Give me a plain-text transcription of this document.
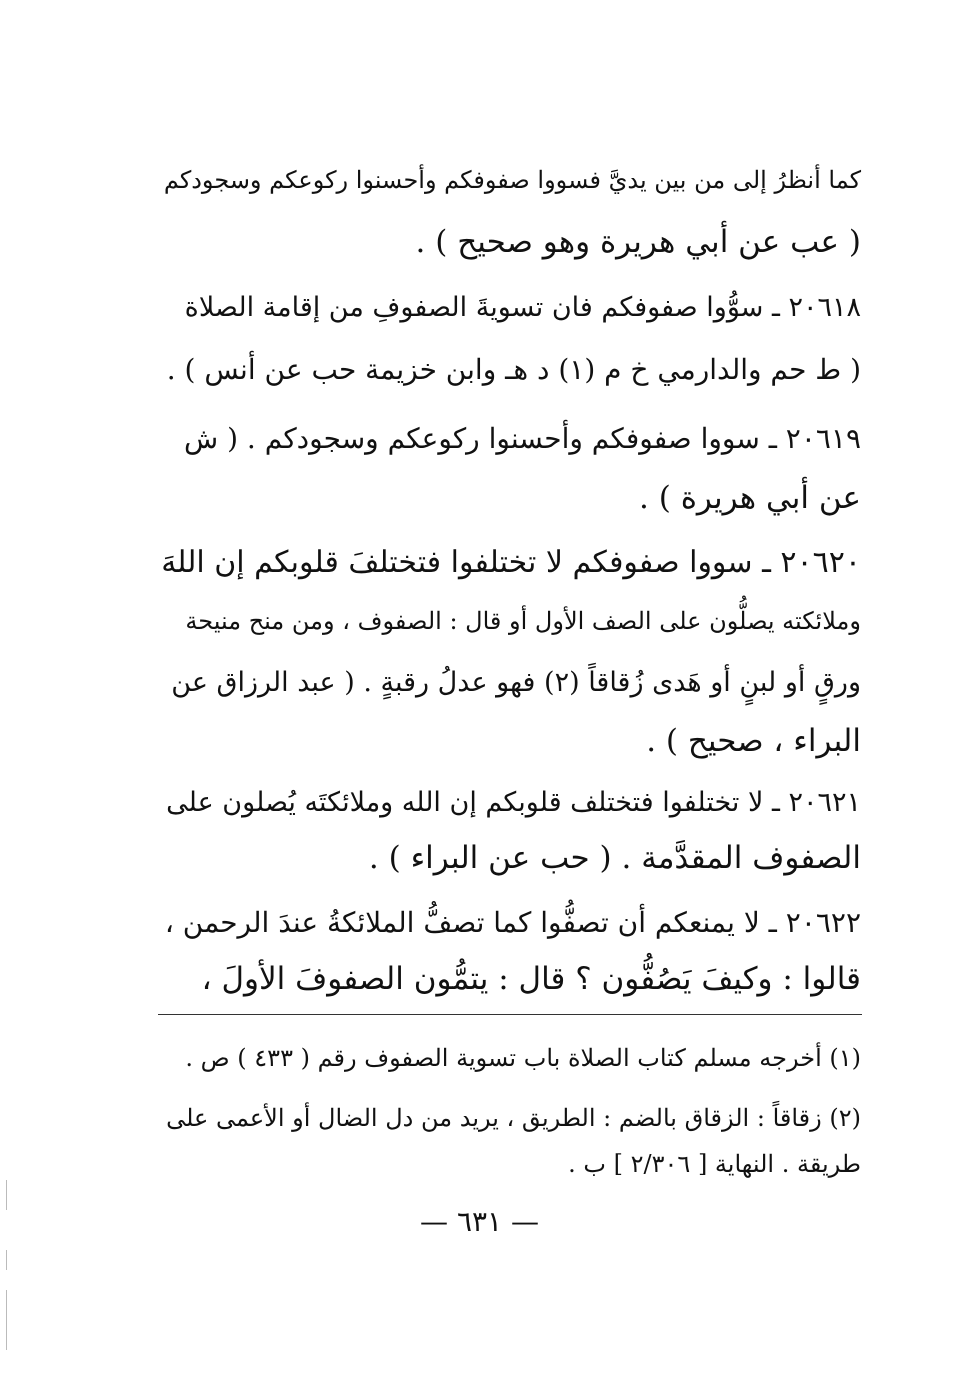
كما أنظرُ إلى من بين يديَّ فسووا صفوفكم وأحسنوا ركوعكم وسجودكم
( عب عن أبي هريرة وهو صحيح ) .
٢٠٦١٨ ـ سوُّوا صفوفكم فان تسويةَ الصفوفِ من إقامة الصلاة
( ط حم والدارمي خ م (١) د هـ وابن خزيمة حب عن أنس ) .
٢٠٦١٩ ـ سووا صفوفكم وأحسنوا ركوعكم وسجودكم . ( ش
عن أبي هريرة ) .
٢٠٦٢٠ ـ سووا صفوفكم لا تختلفوا فتختلفَ قلوبكم إن اللهَ
وملائكته يصلُّون على الصف الأول أو قال : الصفوف ، ومن منح منيحة
ورقٍ أو لبنٍ أو هَدى زُقاقاً (٢) فهو عدلُ رقبةٍ . ( عبد الرزاق عن
البراء ، صحيح ) .
٢٠٦٢١ ـ لا تختلفوا فتختلف قلوبكم إن الله وملائكتَه يُصلون على
الصفوف المقدَّمة . ( حب عن البراء ) .
٢٠٦٢٢ ـ لا يمنعكم أن تصفُّوا كما تصفُّ الملائكةُ عندَ الرحمن ،
قالوا : وكيفَ يَصُفُّون ؟ قال : يتمُّون الصفوفَ الأولَ ،
(١) أخرجه مسلم كتاب الصلاة باب تسوية الصفوف رقم ( ٤٣٣ ) ص .
(٢) زقاقاً : الزقاق بالضم : الطريق ، يريد من دل الضال أو الأعمى على
طريقة . النهاية [ ٢/٣٠٦ ] ب .
— ٦٣١ —
